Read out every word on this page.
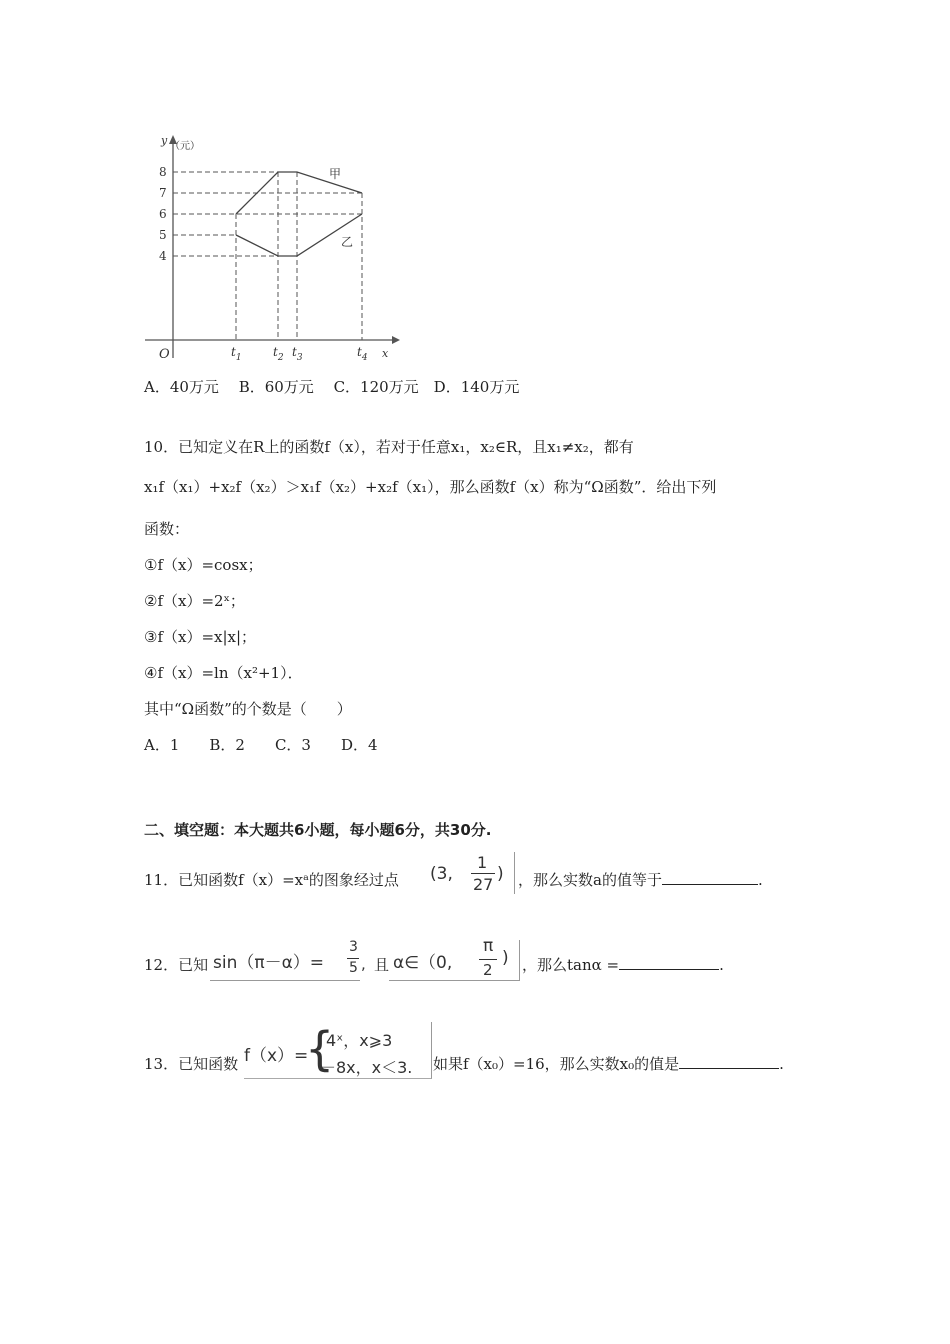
y （元）
x
O
4
5
6
7
8
$t_1$	$t_2$ $t_3$	$t_4$
甲
乙
A．40万元　 B．60万元　 C．120万元　D．140万元
10．已知定义在R上的函数f（x），若对于任意x₁，x₂∈R，且x₁≠x₂，都有
x₁f（x₁）+x₂f（x₂）＞x₁f（x₂）+x₂f（x₁），那么函数f（x）称为“Ω函数”．给出下列
函数：
①f（x）=cosx；
②f（x）=2ˣ；
③f（x）=x|x|；
④f（x）=ln（x²+1）．
其中“Ω函数”的个数是（　　）
A．1　　B．2　　C．3　　D．4
二、填空题：本大题共6小题，每小题6分，共30分.
11．已知函数f（x）=xᵃ的图象经过点 (3,
1
27
) ，那么实数a的值等于	.
12．已知 sin（π－α）=
3
5 , 且 α∈（0,
π
2
) ，那么tanα =	.
13．已知函数 f（x）=
{
4ˣ，x⩾3
－8x，x＜3. 如果f（x₀）=16，那么实数x₀的值是	.
